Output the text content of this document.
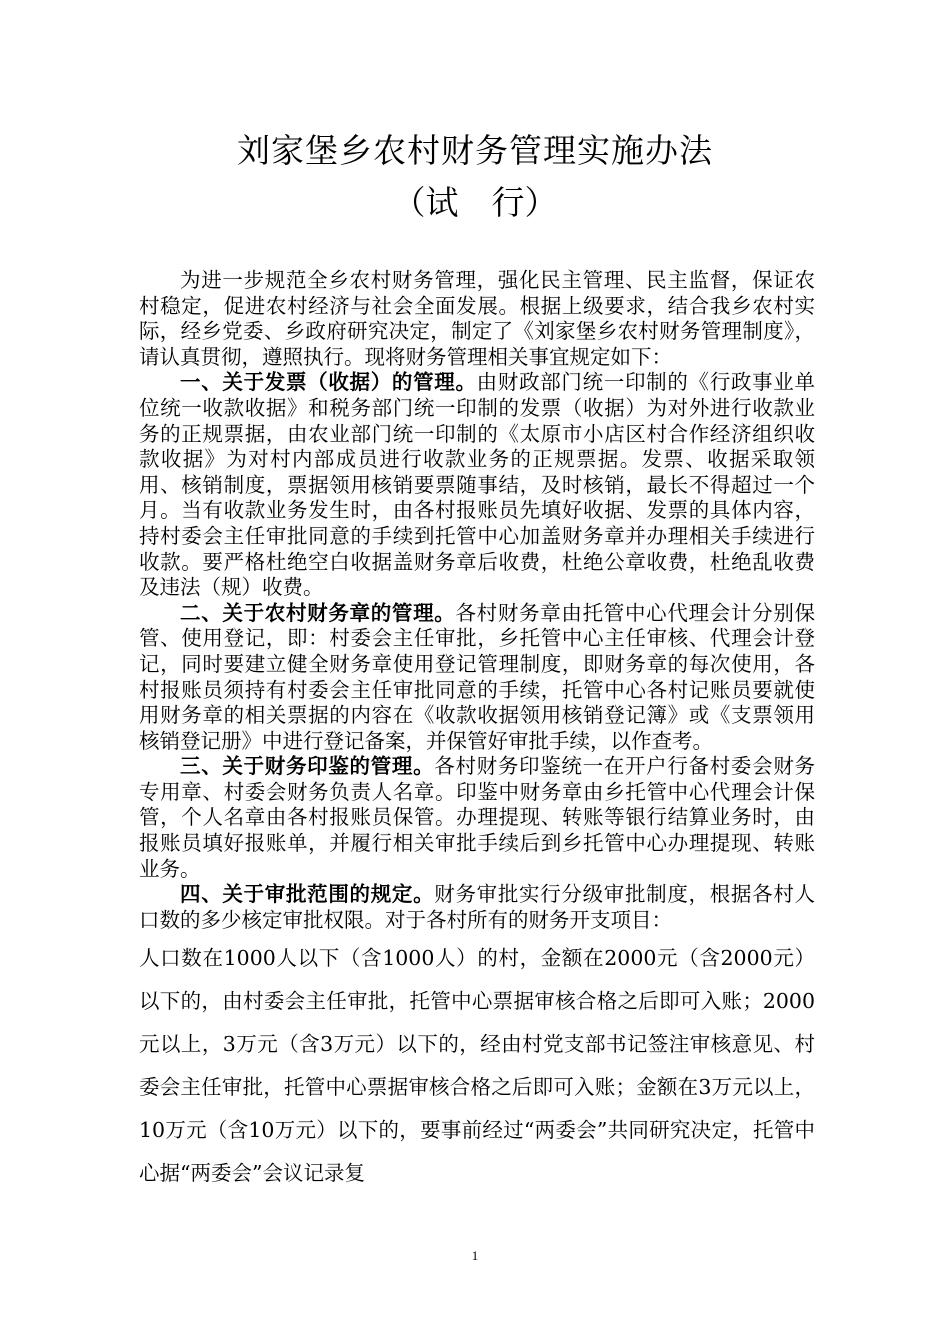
刘家堡乡农村财务管理实施办法
（试　行）

为进一步规范全乡农村财务管理，强化民主管理、民主监督，保证农村稳定，促进农村经济与社会全面发展。根据上级要求，结合我乡农村实际，经乡党委、乡政府研究决定，制定了《刘家堡乡农村财务管理制度》，请认真贯彻，遵照执行。现将财务管理相关事宜规定如下：

一、关于发票（收据）的管理。由财政部门统一印制的《行政事业单位统一收款收据》和税务部门统一印制的发票（收据）为对外进行收款业务的正规票据，由农业部门统一印制的《太原市小店区村合作经济组织收款收据》为对村内部成员进行收款业务的正规票据。发票、收据采取领用、核销制度，票据领用核销要票随事结，及时核销，最长不得超过一个月。当有收款业务发生时，由各村报账员先填好收据、发票的具体内容，持村委会主任审批同意的手续到托管中心加盖财务章并办理相关手续进行收款。要严格杜绝空白收据盖财务章后收费，杜绝公章收费，杜绝乱收费及违法（规）收费。

二、关于农村财务章的管理。各村财务章由托管中心代理会计分别保管、使用登记，即：村委会主任审批，乡托管中心主任审核、代理会计登记，同时要建立健全财务章使用登记管理制度，即财务章的每次使用，各村报账员须持有村委会主任审批同意的手续，托管中心各村记账员要就使用财务章的相关票据的内容在《收款收据领用核销登记簿》或《支票领用核销登记册》中进行登记备案，并保管好审批手续，以作查考。

三、关于财务印鉴的管理。各村财务印鉴统一在开户行备村委会财务专用章、村委会财务负责人名章。印鉴中财务章由乡托管中心代理会计保管，个人名章由各村报账员保管。办理提现、转账等银行结算业务时，由报账员填好报账单，并履行相关审批手续后到乡托管中心办理提现、转账业务。

四、关于审批范围的规定。财务审批实行分级审批制度，根据各村人口数的多少核定审批权限。对于各村所有的财务开支项目：

人口数在1000人以下（含1000人）的村，金额在2000元（含2000元）以下的，由村委会主任审批，托管中心票据审核合格之后即可入账；2000元以上，3万元（含3万元）以下的，经由村党支部书记签注审核意见、村委会主任审批，托管中心票据审核合格之后即可入账；金额在3万元以上，10万元（含10万元）以下的，要事前经过“两委会”共同研究决定，托管中心据“两委会”会议记录复

1
